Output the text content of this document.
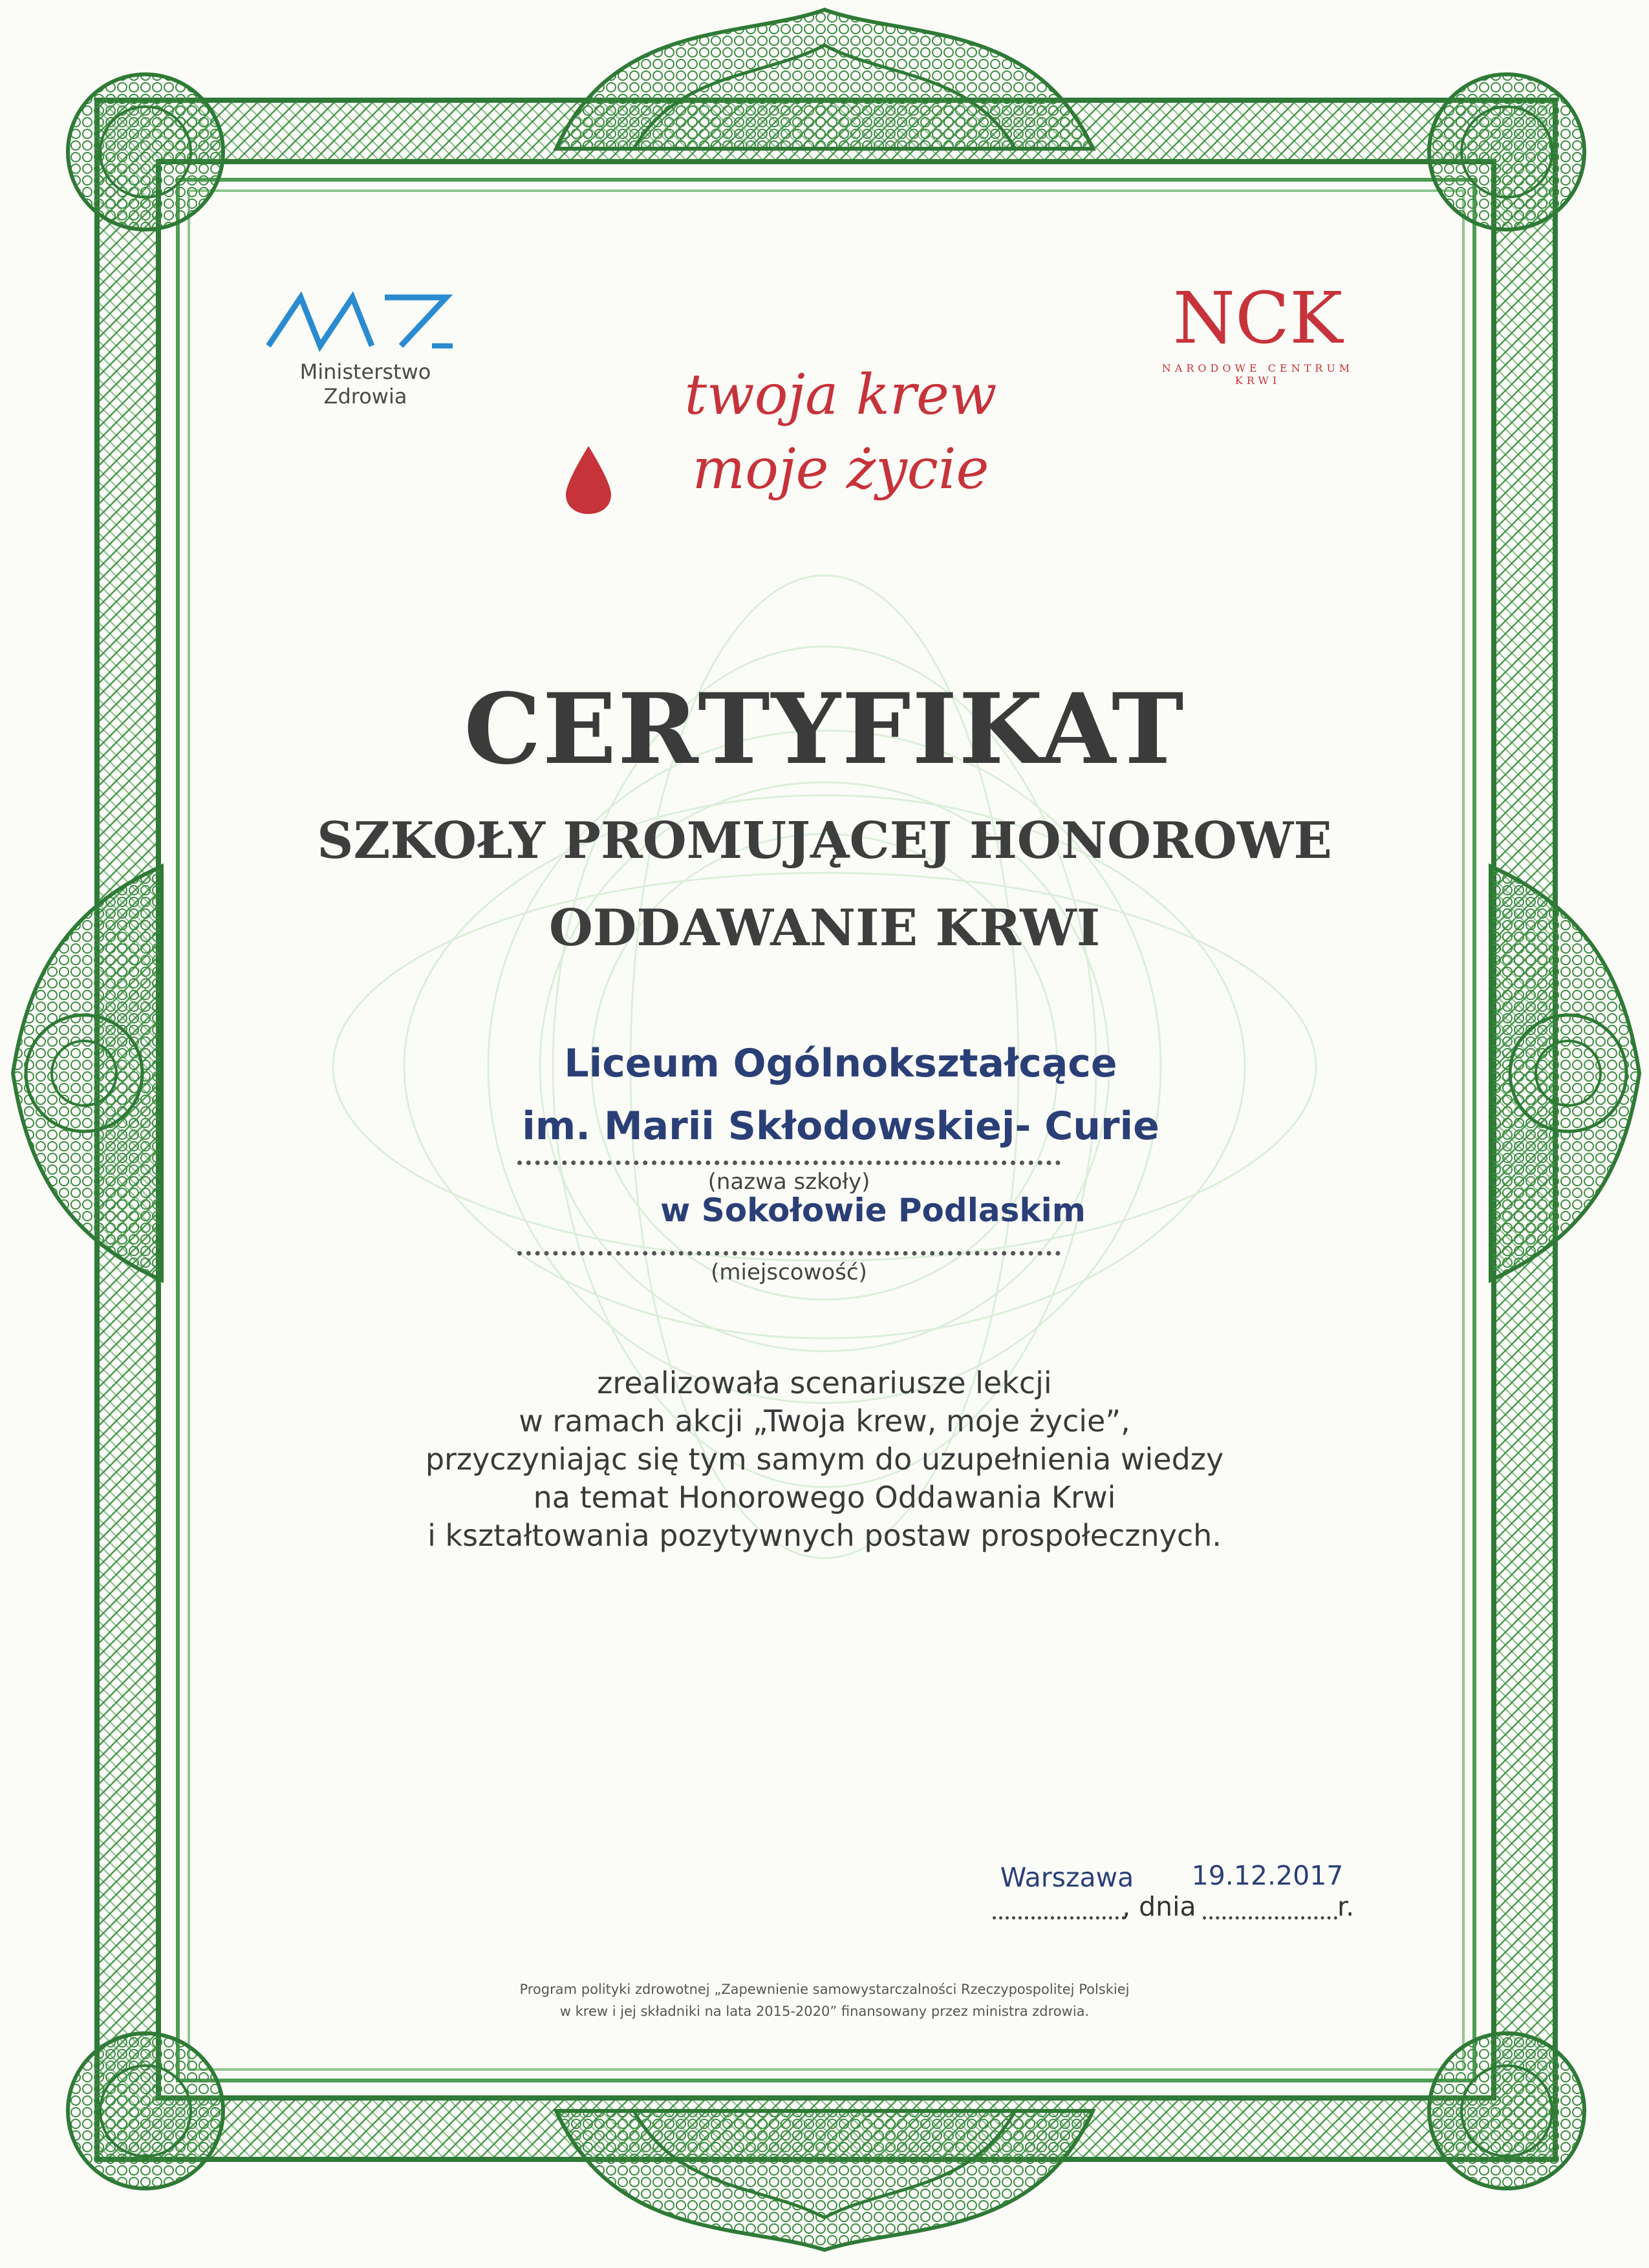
Ministerstwo Zdrowia
NCK
NARODOWE CENTRUM KRWI
twoja krew
moje życie
CERTYFIKAT
SZKOŁY PROMUJĄCEJ HONOROWE
ODDAWANIE KRWI
Liceum Ogólnokształcące
im. Marii Skłodowskiej- Curie
(nazwa szkoły)
w Sokołowie Podlaskim
(miejscowość)
zrealizowała scenariusze lekcji
w ramach akcji „Twoja krew, moje życie”,
przyczyniając się tym samym do uzupełnienia wiedzy
na temat Honorowego Oddawania Krwi
i kształtowania pozytywnych postaw prospołecznych.
Warszawa
, dnia
19.12.2017
r.
Program polityki zdrowotnej „Zapewnienie samowystarczalności Rzeczypospolitej Polskiej
w krew i jej składniki na lata 2015-2020” finansowany przez ministra zdrowia.
